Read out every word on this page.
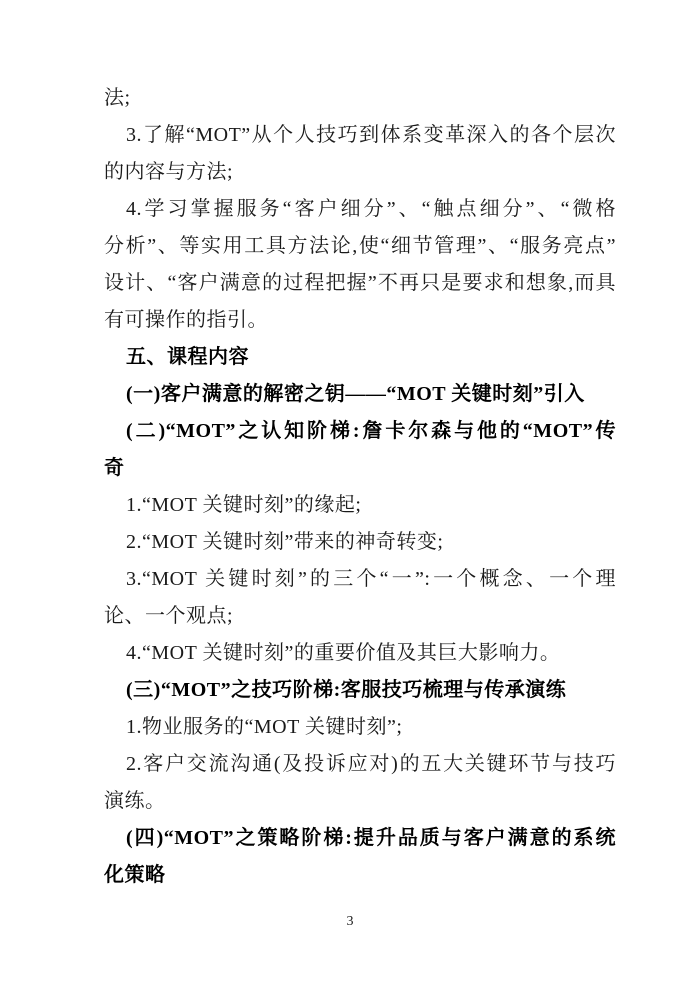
法;
3.了解“MOT”从个人技巧到体系变革深入的各个层次
的内容与方法;
4.学习掌握服务“客户细分”、“触点细分”、“微格
分析”、等实用工具方法论,使“细节管理”、“服务亮点”
设计、“客户满意的过程把握”不再只是要求和想象,而具
有可操作的指引。
五、课程内容
(一)客户满意的解密之钥——“MOT 关键时刻”引入
(二)“MOT”之认知阶梯:詹卡尔森与他的“MOT”传
奇
1.“MOT 关键时刻”的缘起;
2.“MOT 关键时刻”带来的神奇转变;
3.“MOT 关键时刻”的三个“一”:一个概念、一个理
论、一个观点;
4.“MOT 关键时刻”的重要价值及其巨大影响力。
(三)“MOT”之技巧阶梯:客服技巧梳理与传承演练
1.物业服务的“MOT 关键时刻”;
2.客户交流沟通(及投诉应对)的五大关键环节与技巧
演练。
(四)“MOT”之策略阶梯:提升品质与客户满意的系统
化策略
3
